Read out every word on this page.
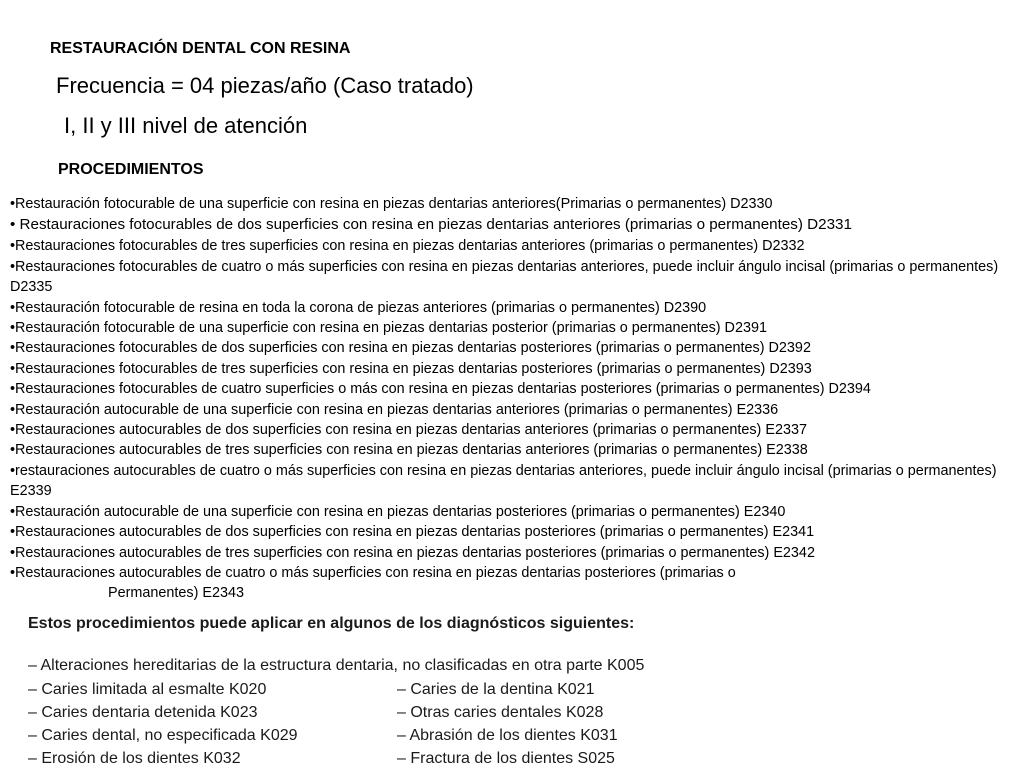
RESTAURACIÓN DENTAL CON RESINA
Frecuencia = 04 piezas/año (Caso tratado)
I, II y III nivel de atención
PROCEDIMIENTOS
•Restauración fotocurable de una superficie con resina en piezas dentarias anteriores(Primarias o permanentes) D2330
• Restauraciones fotocurables de dos superficies con resina en piezas dentarias anteriores (primarias o permanentes) D2331
•Restauraciones fotocurables de tres superficies con resina en piezas dentarias anteriores (primarias o permanentes) D2332
•Restauraciones fotocurables de cuatro o más superficies con resina en piezas dentarias anteriores, puede incluir ángulo incisal (primarias o permanentes) D2335
•Restauración fotocurable de resina en toda la corona de piezas anteriores (primarias o permanentes) D2390
•Restauración fotocurable de una superficie con resina en piezas dentarias posterior (primarias o permanentes) D2391
•Restauraciones fotocurables de dos superficies con resina en piezas dentarias posteriores (primarias o permanentes) D2392
•Restauraciones fotocurables de tres superficies con resina en piezas dentarias posteriores (primarias o permanentes) D2393
•Restauraciones fotocurables de cuatro superficies o más con resina en piezas dentarias posteriores (primarias o permanentes) D2394
•Restauración autocurable de una superficie con resina en piezas dentarias anteriores (primarias o permanentes) E2336
•Restauraciones autocurables de dos superficies con resina en piezas dentarias anteriores (primarias o permanentes) E2337
•Restauraciones autocurables de tres superficies con resina en piezas dentarias anteriores (primarias o permanentes) E2338
•restauraciones autocurables de cuatro o más superficies con resina en piezas dentarias anteriores, puede incluir ángulo incisal (primarias o permanentes) E2339
•Restauración autocurable de una superficie con resina en piezas dentarias posteriores (primarias o permanentes) E2340
•Restauraciones autocurables de dos superficies con resina en piezas dentarias posteriores (primarias o permanentes) E2341
•Restauraciones autocurables de tres superficies con resina en piezas dentarias posteriores (primarias o permanentes) E2342
•Restauraciones autocurables de cuatro o más superficies con resina en piezas dentarias posteriores (primarias o
Permanentes) E2343
Estos procedimientos puede aplicar en algunos de los diagnósticos siguientes:
– Alteraciones hereditarias de la estructura dentaria, no clasificadas en otra parte K005
– Caries limitada al esmalte K020
– Caries dentaria detenida K023
– Caries dental, no especificada K029
– Erosión de los dientes K032
– Caries de la dentina K021
– Otras caries dentales K028
– Abrasión de los dientes K031
– Fractura de los dientes S025
